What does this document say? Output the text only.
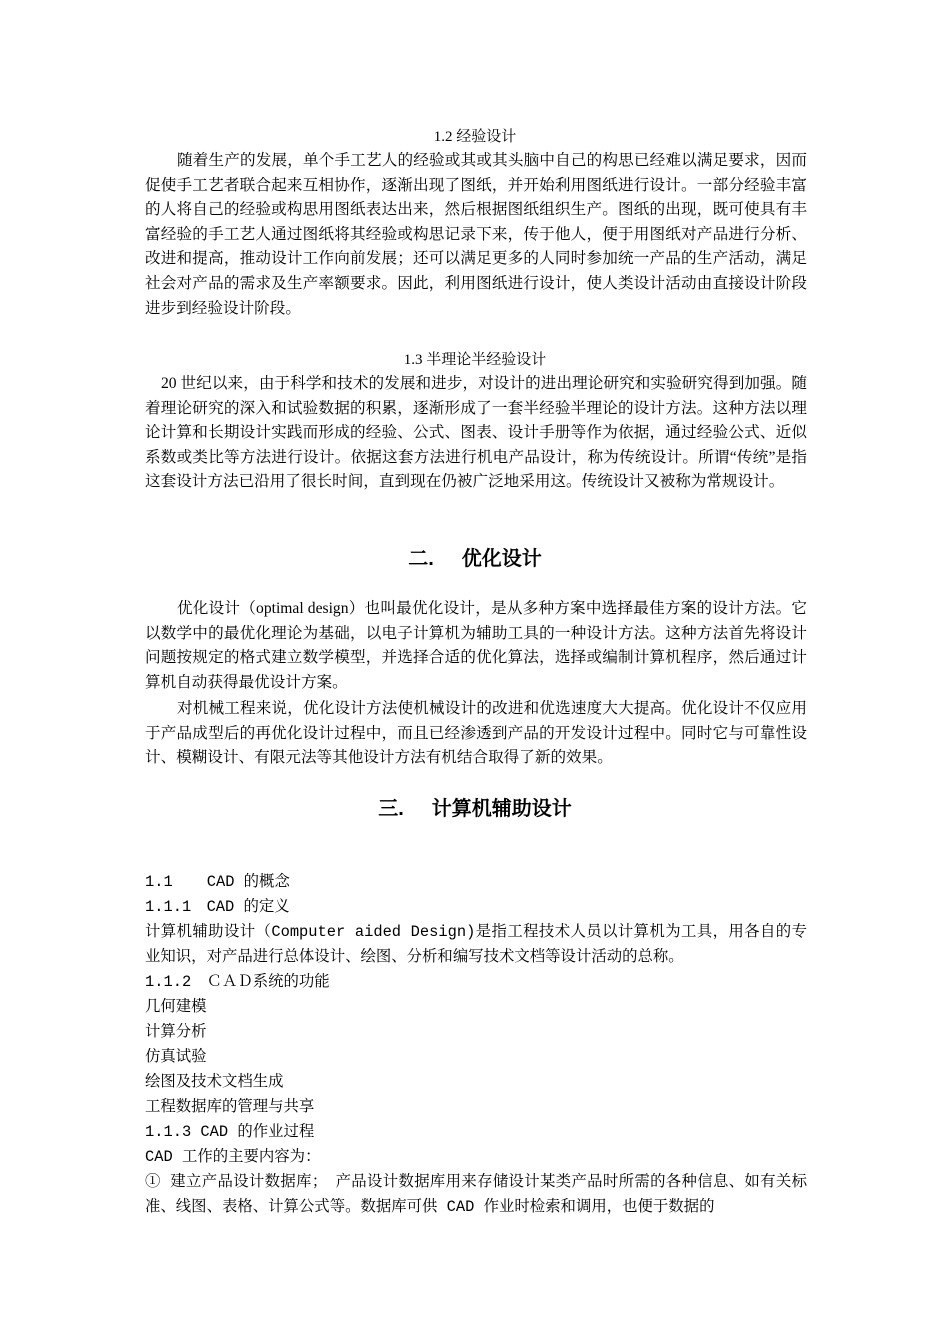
1.2 经验设计
随着生产的发展，单个手工艺人的经验或其或其头脑中自己的构思已经难以满足要求，因而促使手工艺者联合起来互相协作，逐渐出现了图纸，并开始利用图纸进行设计。一部分经验丰富的人将自己的经验或构思用图纸表达出来，然后根据图纸组织生产。图纸的出现，既可使具有丰富经验的手工艺人通过图纸将其经验或构思记录下来，传于他人，便于用图纸对产品进行分析、改进和提高，推动设计工作向前发展；还可以满足更多的人同时参加统一产品的生产活动，满足社会对产品的需求及生产率额要求。因此，利用图纸进行设计，使人类设计活动由直接设计阶段进步到经验设计阶段。
1.3 半理论半经验设计
20 世纪以来，由于科学和技术的发展和进步，对设计的进出理论研究和实验研究得到加强。随着理论研究的深入和试验数据的积累，逐渐形成了一套半经验半理论的设计方法。这种方法以理论计算和长期设计实践而形成的经验、公式、图表、设计手册等作为依据，通过经验公式、近似系数或类比等方法进行设计。依据这套方法进行机电产品设计，称为传统设计。所谓“传统”是指这套设计方法已沿用了很长时间，直到现在仍被广泛地采用这。传统设计又被称为常规设计。
二. 优化设计
优化设计（optimal design）也叫最优化设计，是从多种方案中选择最佳方案的设计方法。它以数学中的最优化理论为基础，以电子计算机为辅助工具的一种设计方法。这种方法首先将设计问题按规定的格式建立数学模型，并选择合适的优化算法，选择或编制计算机程序，然后通过计算机自动获得最优设计方案。
对机械工程来说，优化设计方法使机械设计的改进和优选速度大大提高。优化设计不仅应用于产品成型后的再优化设计过程中，而且已经渗透到产品的开发设计过程中。同时它与可靠性设计、模糊设计、有限元法等其他设计方法有机结合取得了新的效果。
三. 计算机辅助设计
1.1 CAD 的概念
1.1.1　CAD 的定义
计算机辅助设计（Computer aided Design)是指工程技术人员以计算机为工具，用各自的专业知识，对产品进行总体设计、绘图、分析和编写技术文档等设计活动的总称。
1.1.2　ＣＡＤ系统的功能
几何建模
计算分析
仿真试验
绘图及技术文档生成
工程数据库的管理与共享
1.1.3 CAD 的作业过程
CAD 工作的主要内容为：
① 建立产品设计数据库；　产品设计数据库用来存储设计某类产品时所需的各种信息、如有关标准、线图、表格、计算公式等。数据库可供 CAD 作业时检索和调用，也便于数据的
